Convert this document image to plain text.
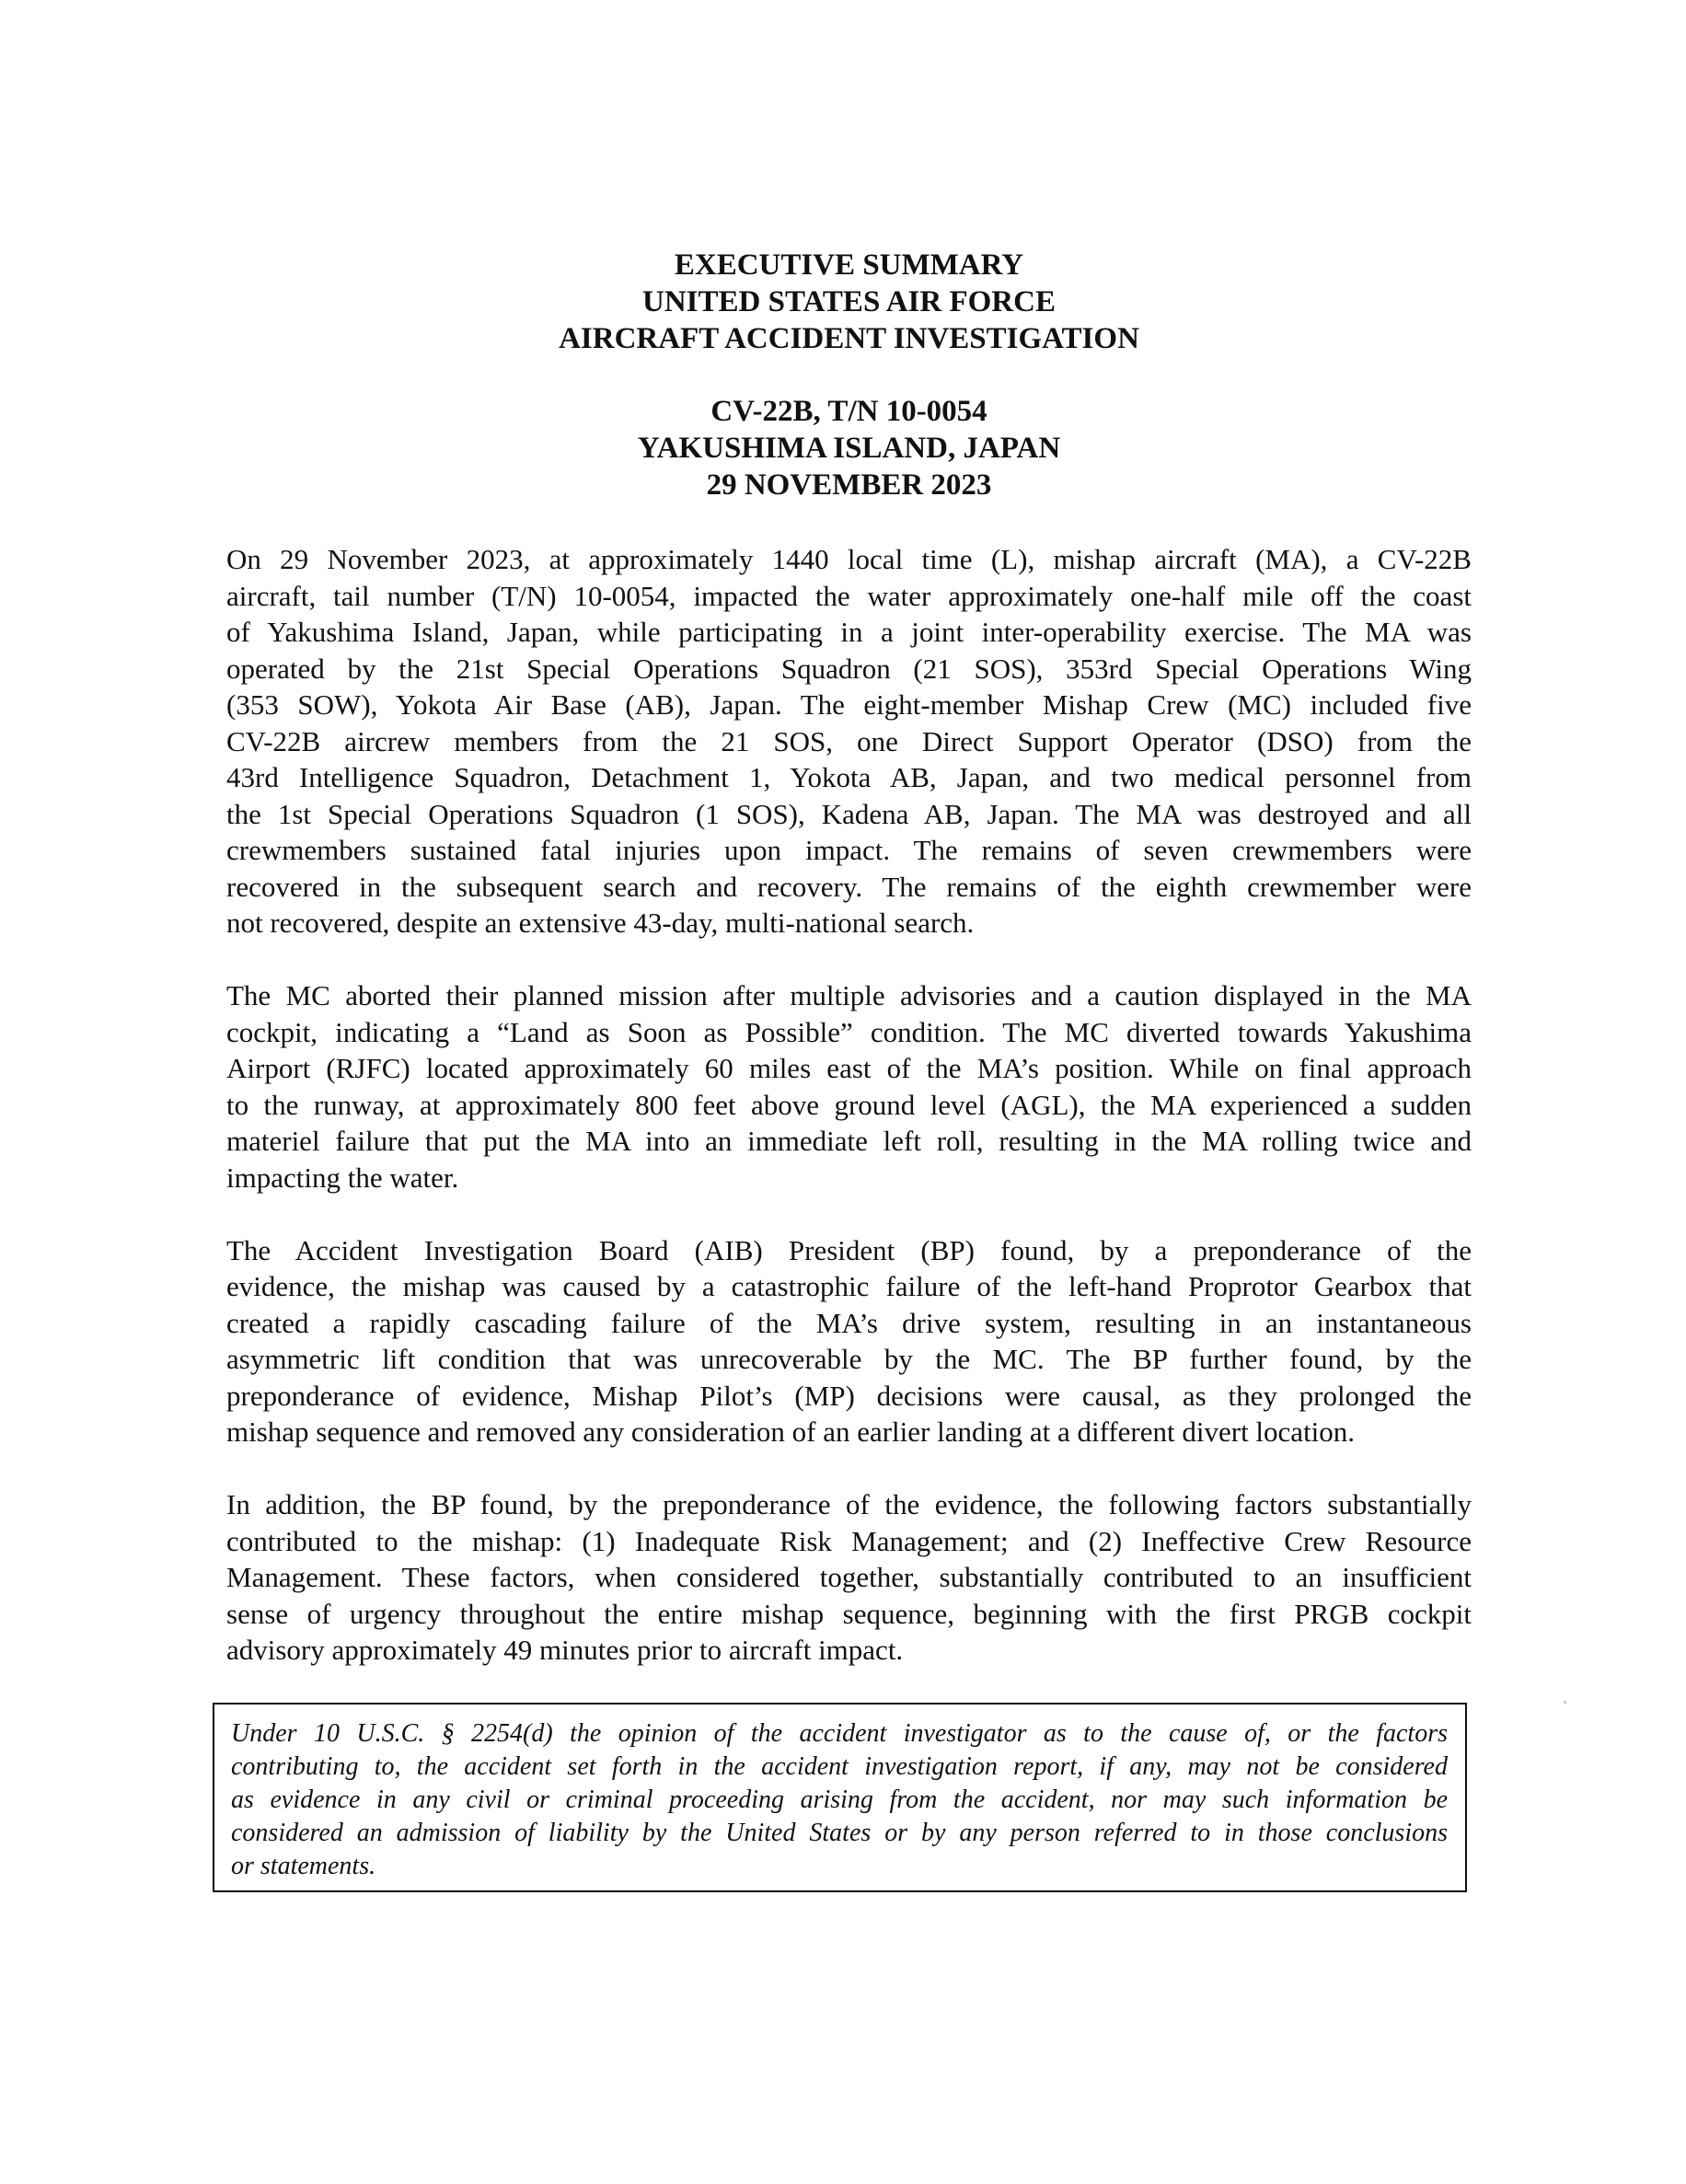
EXECUTIVE SUMMARY
UNITED STATES AIR FORCE
AIRCRAFT ACCIDENT INVESTIGATION
CV-22B, T/N 10-0054
YAKUSHIMA ISLAND, JAPAN
29 NOVEMBER 2023

On 29 November 2023, at approximately 1440 local time (L), mishap aircraft (MA), a CV-22B
aircraft, tail number (T/N) 10-0054, impacted the water approximately one-half mile off the coast
of Yakushima Island, Japan, while participating in a joint inter-operability exercise. The MA was
operated by the 21st Special Operations Squadron (21 SOS), 353rd Special Operations Wing
(353 SOW), Yokota Air Base (AB), Japan. The eight-member Mishap Crew (MC) included five
CV-22B aircrew members from the 21 SOS, one Direct Support Operator (DSO) from the
43rd Intelligence Squadron, Detachment 1, Yokota AB, Japan, and two medical personnel from
the 1st Special Operations Squadron (1 SOS), Kadena AB, Japan. The MA was destroyed and all
crewmembers sustained fatal injuries upon impact. The remains of seven crewmembers were
recovered in the subsequent search and recovery. The remains of the eighth crewmember were
not recovered, despite an extensive 43-day, multi-national search.

The MC aborted their planned mission after multiple advisories and a caution displayed in the MA
cockpit, indicating a “Land as Soon as Possible” condition. The MC diverted towards Yakushima
Airport (RJFC) located approximately 60 miles east of the MA’s position. While on final approach
to the runway, at approximately 800 feet above ground level (AGL), the MA experienced a sudden
materiel failure that put the MA into an immediate left roll, resulting in the MA rolling twice and
impacting the water.

The Accident Investigation Board (AIB) President (BP) found, by a preponderance of the
evidence, the mishap was caused by a catastrophic failure of the left-hand Proprotor Gearbox that
created a rapidly cascading failure of the MA’s drive system, resulting in an instantaneous
asymmetric lift condition that was unrecoverable by the MC. The BP further found, by the
preponderance of evidence, Mishap Pilot’s (MP) decisions were causal, as they prolonged the
mishap sequence and removed any consideration of an earlier landing at a different divert location.

In addition, the BP found, by the preponderance of the evidence, the following factors substantially
contributed to the mishap: (1) Inadequate Risk Management; and (2) Ineffective Crew Resource
Management. These factors, when considered together, substantially contributed to an insufficient
sense of urgency throughout the entire mishap sequence, beginning with the first PRGB cockpit
advisory approximately 49 minutes prior to aircraft impact.

Under 10 U.S.C. § 2254(d) the opinion of the accident investigator as to the cause of, or the factors
contributing to, the accident set forth in the accident investigation report, if any, may not be considered
as evidence in any civil or criminal proceeding arising from the accident, nor may such information be
considered an admission of liability by the United States or by any person referred to in those conclusions
or statements.
